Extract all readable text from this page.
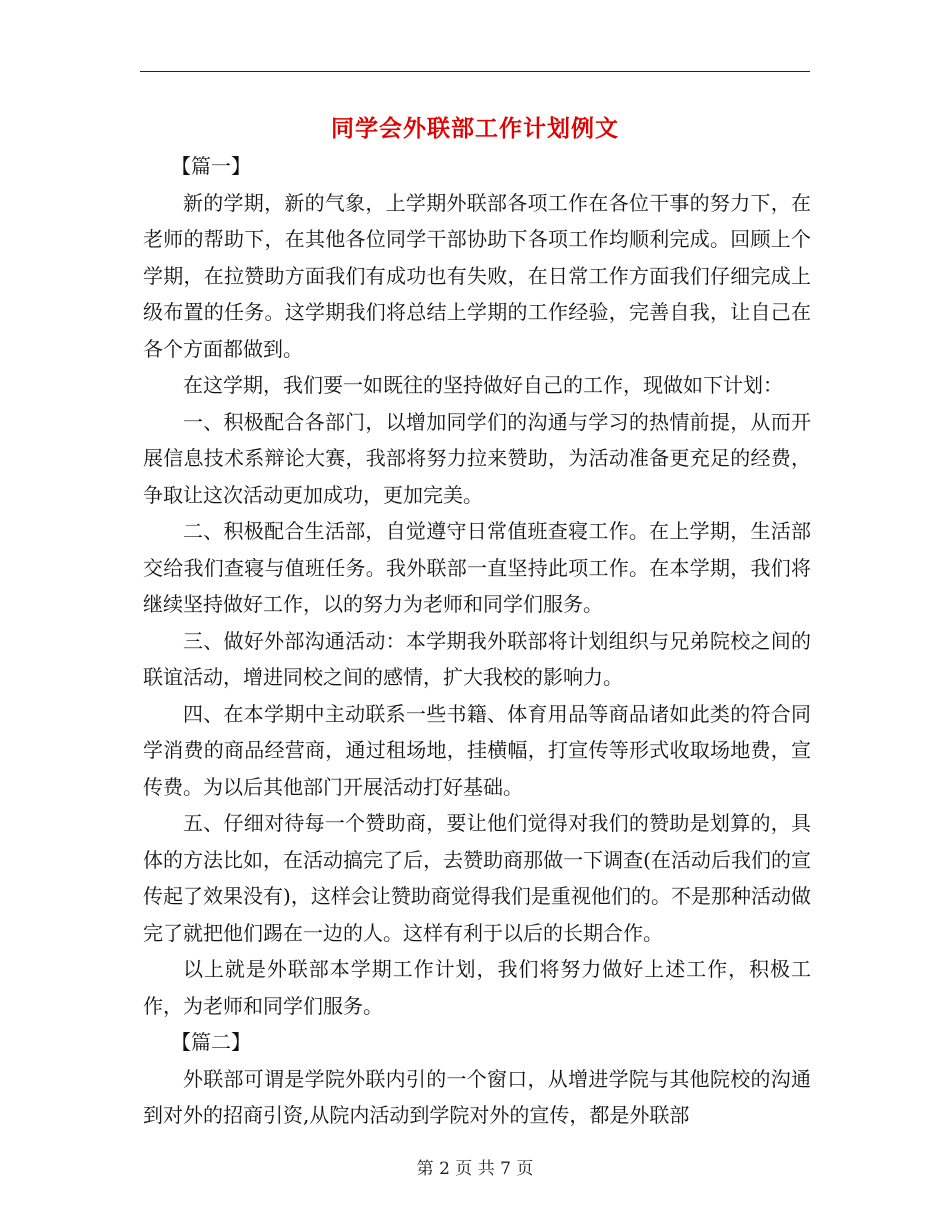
同学会外联部工作计划例文

【篇一】

新的学期，新的气象，上学期外联部各项工作在各位干事的努力下，在老师的帮助下，在其他各位同学干部协助下各项工作均顺利完成。回顾上个学期，在拉赞助方面我们有成功也有失败，在日常工作方面我们仔细完成上级布置的任务。这学期我们将总结上学期的工作经验，完善自我，让自己在各个方面都做到。

在这学期，我们要一如既往的坚持做好自己的工作，现做如下计划：

一、积极配合各部门，以增加同学们的沟通与学习的热情前提，从而开展信息技术系辩论大赛，我部将努力拉来赞助，为活动准备更充足的经费，争取让这次活动更加成功，更加完美。

二、积极配合生活部，自觉遵守日常值班查寝工作。在上学期，生活部交给我们查寝与值班任务。我外联部一直坚持此项工作。在本学期，我们将继续坚持做好工作，以的努力为老师和同学们服务。

三、做好外部沟通活动：本学期我外联部将计划组织与兄弟院校之间的联谊活动，增进同校之间的感情，扩大我校的影响力。

四、在本学期中主动联系一些书籍、体育用品等商品诸如此类的符合同学消费的商品经营商，通过租场地，挂横幅，打宣传等形式收取场地费，宣传费。为以后其他部门开展活动打好基础。

五、仔细对待每一个赞助商，要让他们觉得对我们的赞助是划算的，具体的方法比如，在活动搞完了后，去赞助商那做一下调查(在活动后我们的宣传起了效果没有)，这样会让赞助商觉得我们是重视他们的。不是那种活动做完了就把他们踢在一边的人。这样有利于以后的长期合作。

以上就是外联部本学期工作计划，我们将努力做好上述工作，积极工作，为老师和同学们服务。

【篇二】

外联部可谓是学院外联内引的一个窗口，从增进学院与其他院校的沟通到对外的招商引资,从院内活动到学院对外的宣传，都是外联部

第 2 页 共 7 页
